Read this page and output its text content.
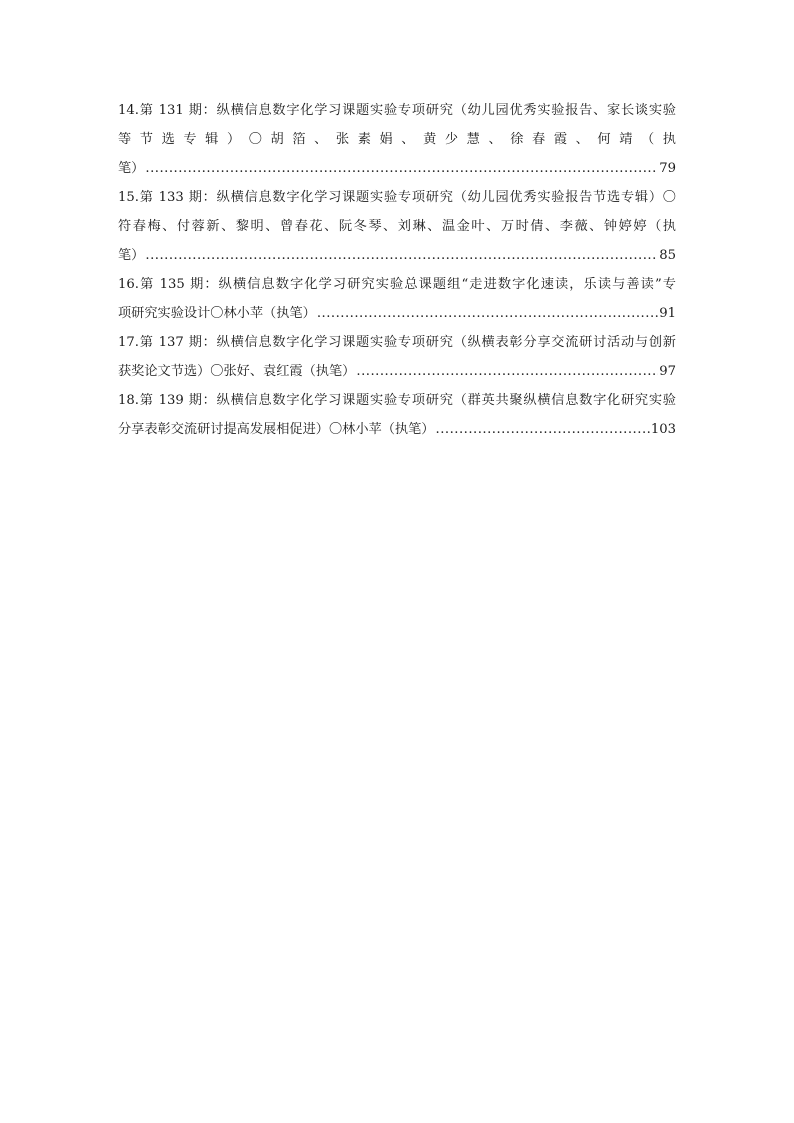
14.第 131 期：纵横信息数字化学习课题实验专项研究（幼儿园优秀实验报告、家长谈实验
等 节 选 专 辑 ） 〇 胡 箔 、 张 素 娟 、 黄 少 慧 、 徐 春 霞 、 何 靖 （ 执
笔） .....	79
15.第 133 期：纵横信息数字化学习课题实验专项研究（幼儿园优秀实验报告节选专辑）〇
符春梅、付蓉新、黎明、曾春花、阮冬琴、刘琳、温金叶、万时倩、李薇、钟婷婷（执
笔） .....	85
16.第 135 期：纵横信息数字化学习研究实验总课题组“走进数字化速读，乐读与善读”专
项研究实验设计〇林小苹（执笔） .....	91
17.第 137 期：纵横信息数字化学习课题实验专项研究（纵横表彰分享交流研讨活动与创新
获奖论文节选）〇张好、袁红霞（执笔） .....	97
18.第 139 期：纵横信息数字化学习课题实验专项研究（群英共聚纵横信息数字化研究实验
分享表彰交流研讨提高发展相促进）〇林小苹（执笔） .....	103
